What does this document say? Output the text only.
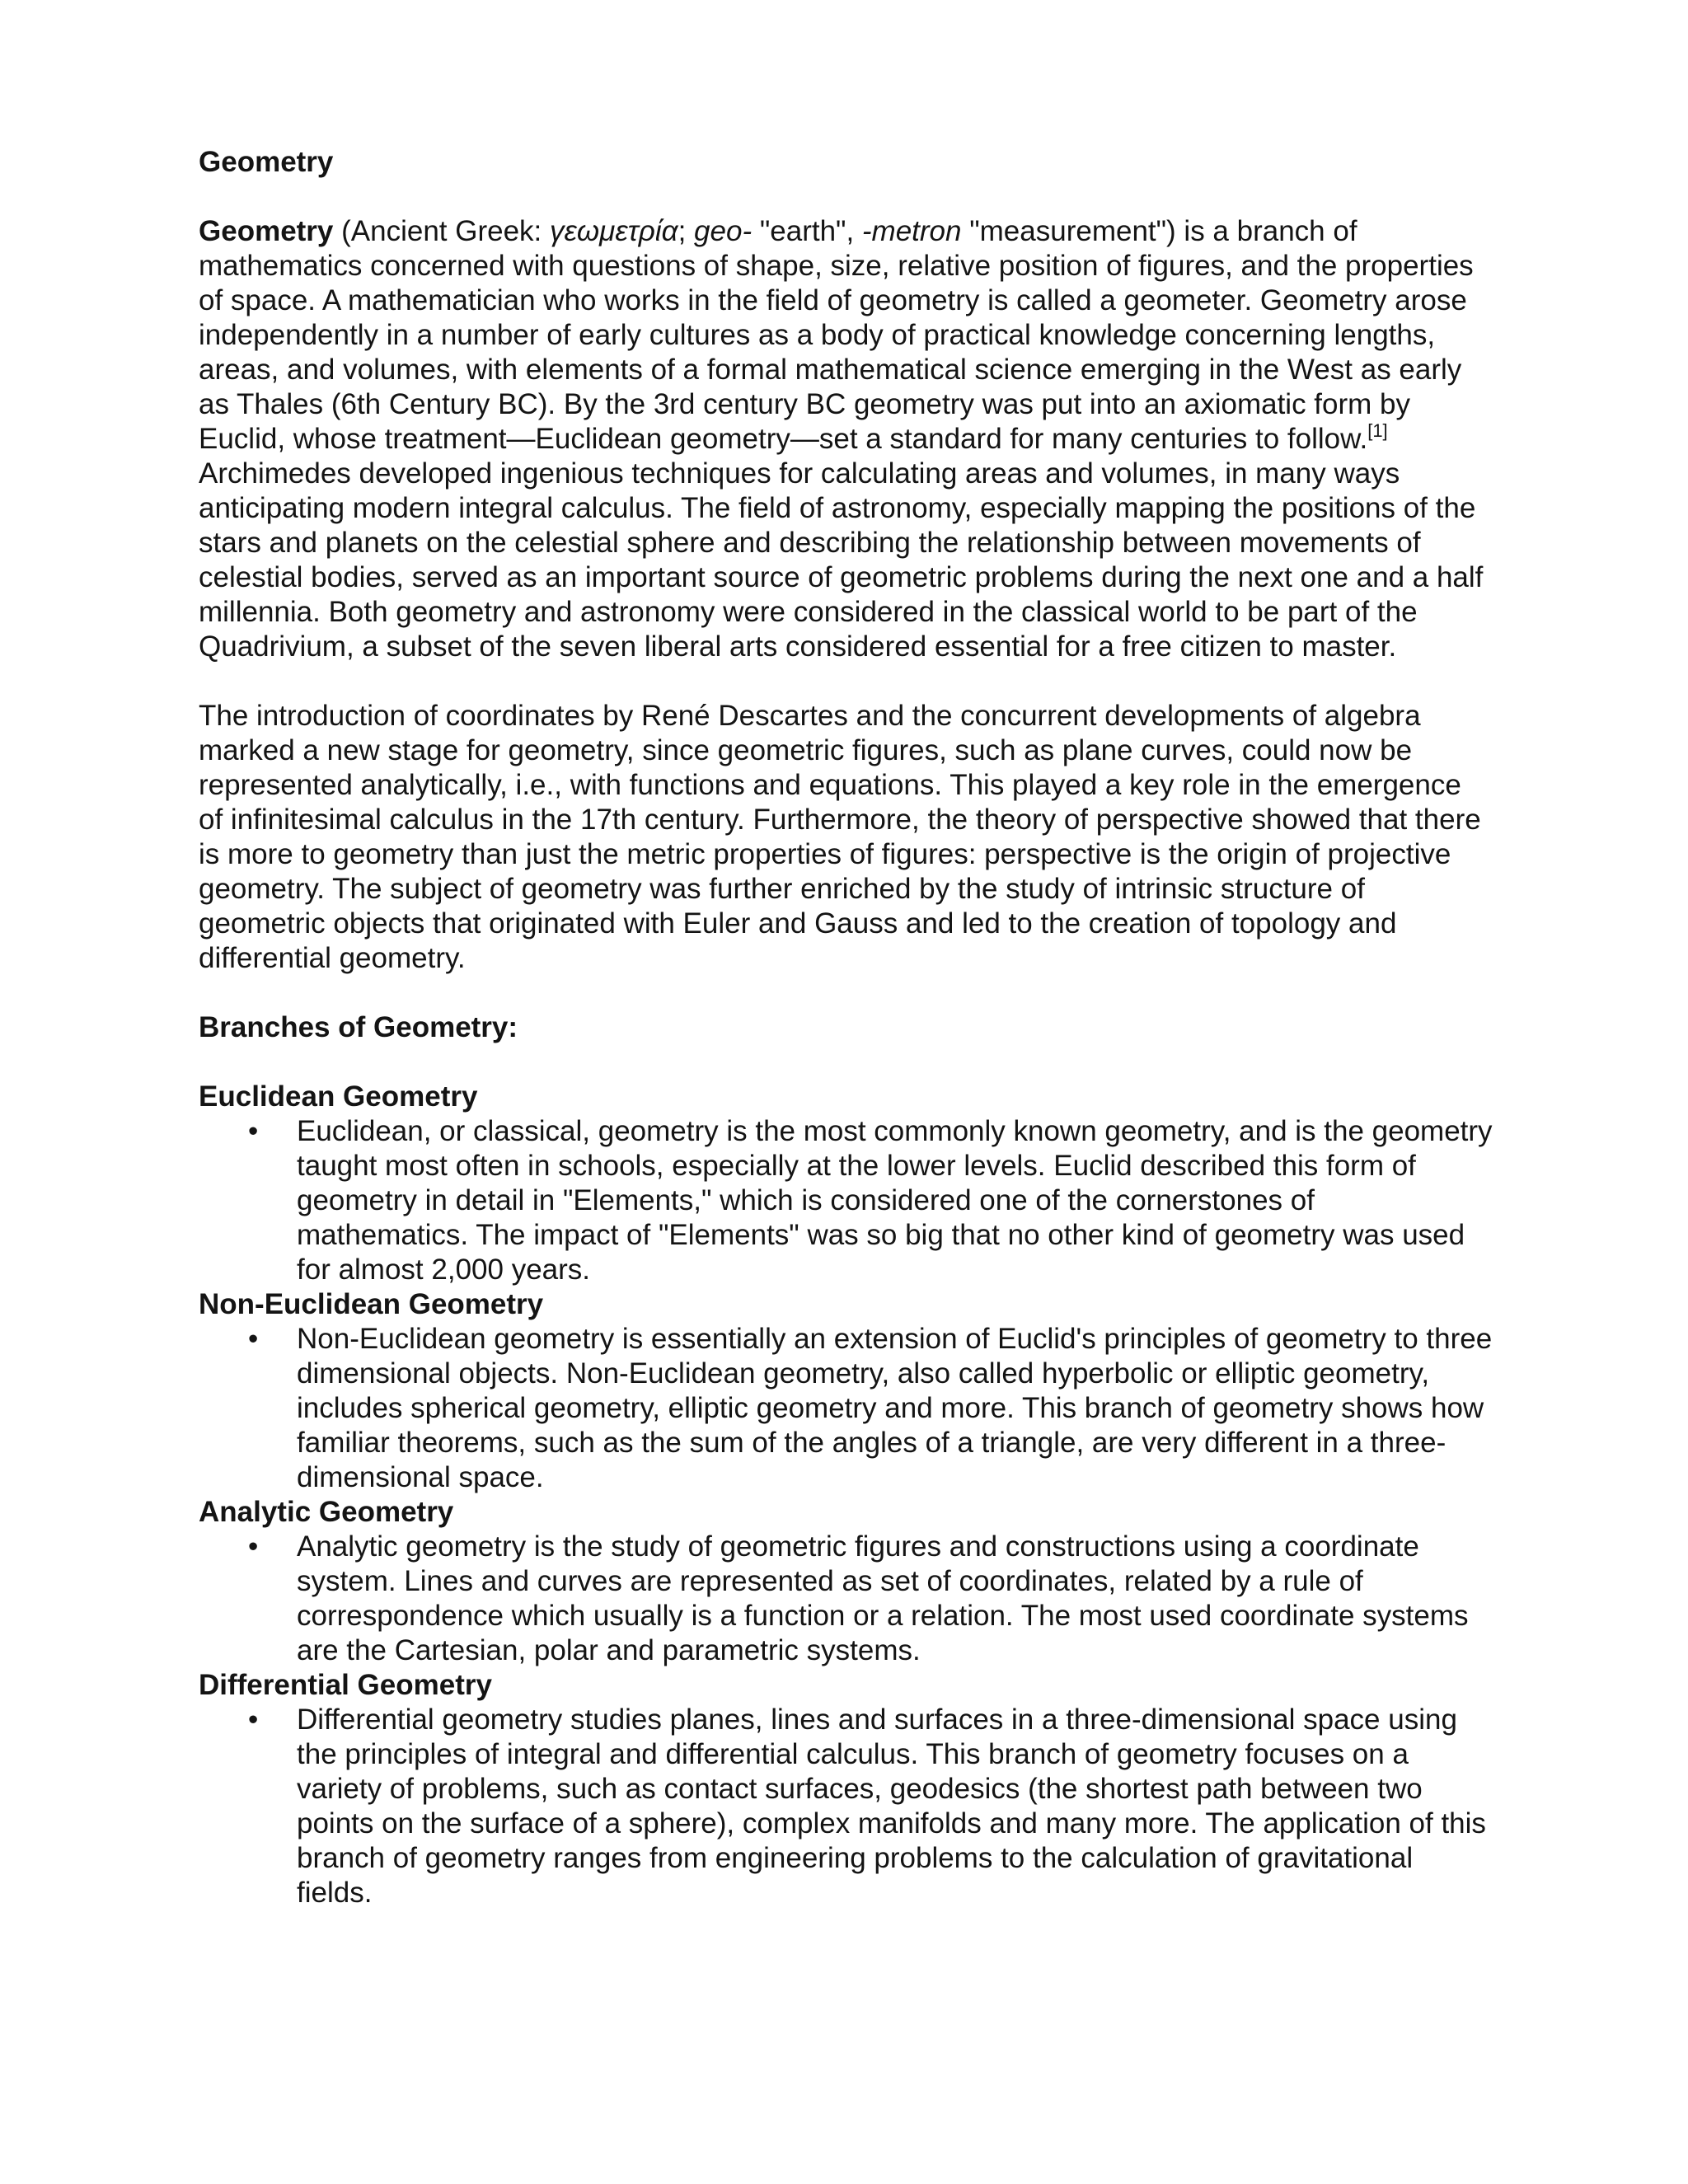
Geometry

Geometry (Ancient Greek: γεωμετρία; geo- "earth", -metron "measurement") is a branch of mathematics concerned with questions of shape, size, relative position of figures, and the properties of space. A mathematician who works in the field of geometry is called a geometer. Geometry arose independently in a number of early cultures as a body of practical knowledge concerning lengths, areas, and volumes, with elements of a formal mathematical science emerging in the West as early as Thales (6th Century BC). By the 3rd century BC geometry was put into an axiomatic form by Euclid, whose treatment—Euclidean geometry—set a standard for many centuries to follow.[1] Archimedes developed ingenious techniques for calculating areas and volumes, in many ways anticipating modern integral calculus. The field of astronomy, especially mapping the positions of the stars and planets on the celestial sphere and describing the relationship between movements of celestial bodies, served as an important source of geometric problems during the next one and a half millennia. Both geometry and astronomy were considered in the classical world to be part of the Quadrivium, a subset of the seven liberal arts considered essential for a free citizen to master.

The introduction of coordinates by René Descartes and the concurrent developments of algebra marked a new stage for geometry, since geometric figures, such as plane curves, could now be represented analytically, i.e., with functions and equations. This played a key role in the emergence of infinitesimal calculus in the 17th century. Furthermore, the theory of perspective showed that there is more to geometry than just the metric properties of figures: perspective is the origin of projective geometry. The subject of geometry was further enriched by the study of intrinsic structure of geometric objects that originated with Euler and Gauss and led to the creation of topology and differential geometry.

Branches of Geometry:

Euclidean Geometry

• Euclidean, or classical, geometry is the most commonly known geometry, and is the geometry taught most often in schools, especially at the lower levels. Euclid described this form of geometry in detail in "Elements," which is considered one of the cornerstones of mathematics. The impact of "Elements" was so big that no other kind of geometry was used for almost 2,000 years.

Non-Euclidean Geometry

• Non-Euclidean geometry is essentially an extension of Euclid's principles of geometry to three dimensional objects. Non-Euclidean geometry, also called hyperbolic or elliptic geometry, includes spherical geometry, elliptic geometry and more. This branch of geometry shows how familiar theorems, such as the sum of the angles of a triangle, are very different in a three-dimensional space.

Analytic Geometry

• Analytic geometry is the study of geometric figures and constructions using a coordinate system. Lines and curves are represented as set of coordinates, related by a rule of correspondence which usually is a function or a relation. The most used coordinate systems are the Cartesian, polar and parametric systems.

Differential Geometry

• Differential geometry studies planes, lines and surfaces in a three-dimensional space using the principles of integral and differential calculus. This branch of geometry focuses on a variety of problems, such as contact surfaces, geodesics (the shortest path between two points on the surface of a sphere), complex manifolds and many more. The application of this branch of geometry ranges from engineering problems to the calculation of gravitational fields.
